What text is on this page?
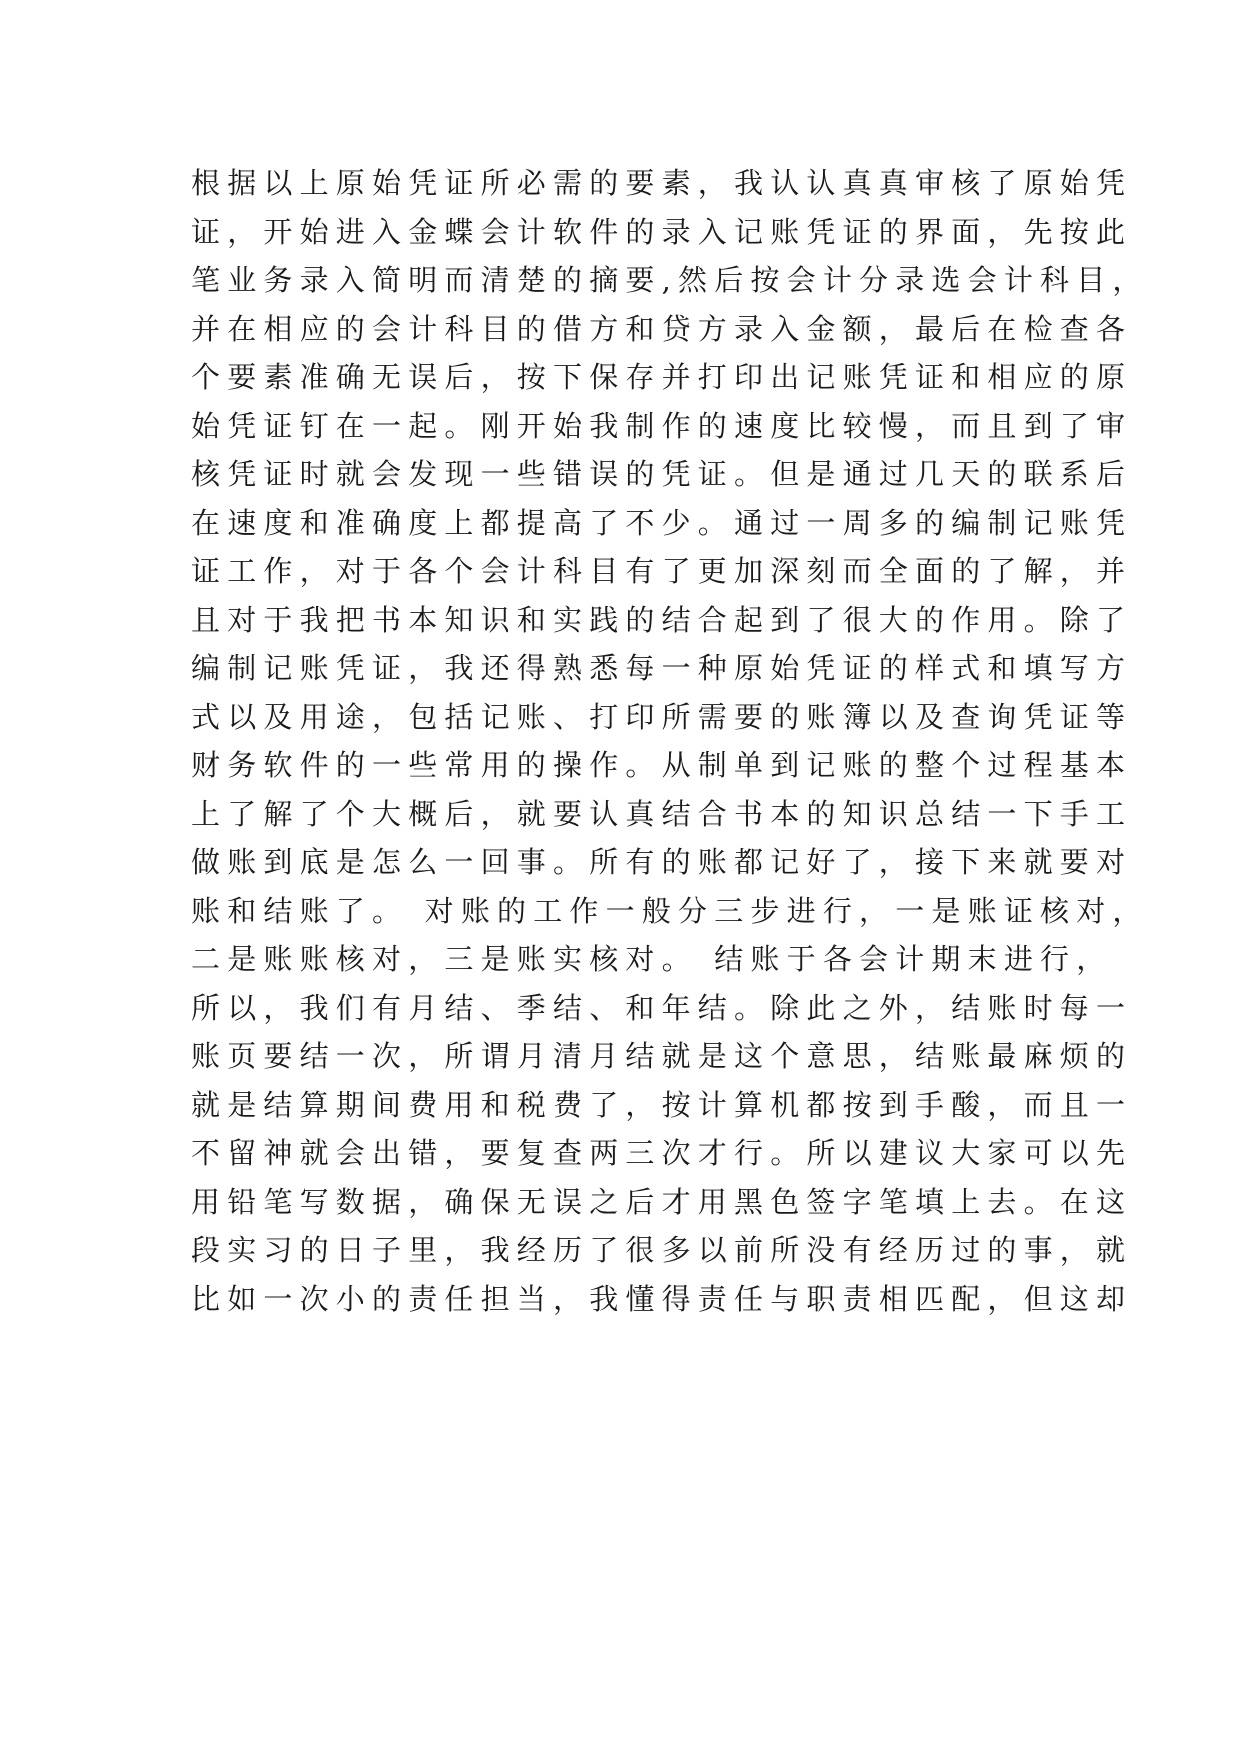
根据以上原始凭证所必需的要素，我认认真真审核了原始凭
证，开始进入金蝶会计软件的录入记账凭证的界面，先按此
笔业务录入简明而清楚的摘要,然后按会计分录选会计科目，
并在相应的会计科目的借方和贷方录入金额，最后在检查各
个要素准确无误后，按下保存并打印出记账凭证和相应的原
始凭证钉在一起。刚开始我制作的速度比较慢，而且到了审
核凭证时就会发现一些错误的凭证。但是通过几天的联系后
在速度和准确度上都提高了不少。通过一周多的编制记账凭
证工作，对于各个会计科目有了更加深刻而全面的了解，并
且对于我把书本知识和实践的结合起到了很大的作用。除了
编制记账凭证，我还得熟悉每一种原始凭证的样式和填写方
式以及用途，包括记账、打印所需要的账簿以及查询凭证等
财务软件的一些常用的操作。从制单到记账的整个过程基本
上了解了个大概后，就要认真结合书本的知识总结一下手工
做账到底是怎么一回事。所有的账都记好了，接下来就要对
账和结账了。 对账的工作一般分三步进行，一是账证核对，
二是账账核对，三是账实核对。 结账于各会计期末进行，
所以，我们有月结、季结、和年结。除此之外，结账时每一
账页要结一次，所谓月清月结就是这个意思，结账最麻烦的
就是结算期间费用和税费了，按计算机都按到手酸，而且一
不留神就会出错，要复查两三次才行。所以建议大家可以先
用铅笔写数据，确保无误之后才用黑色签字笔填上去。在这
段实习的日子里，我经历了很多以前所没有经历过的事，就
比如一次小的责任担当，我懂得责任与职责相匹配，但这却
